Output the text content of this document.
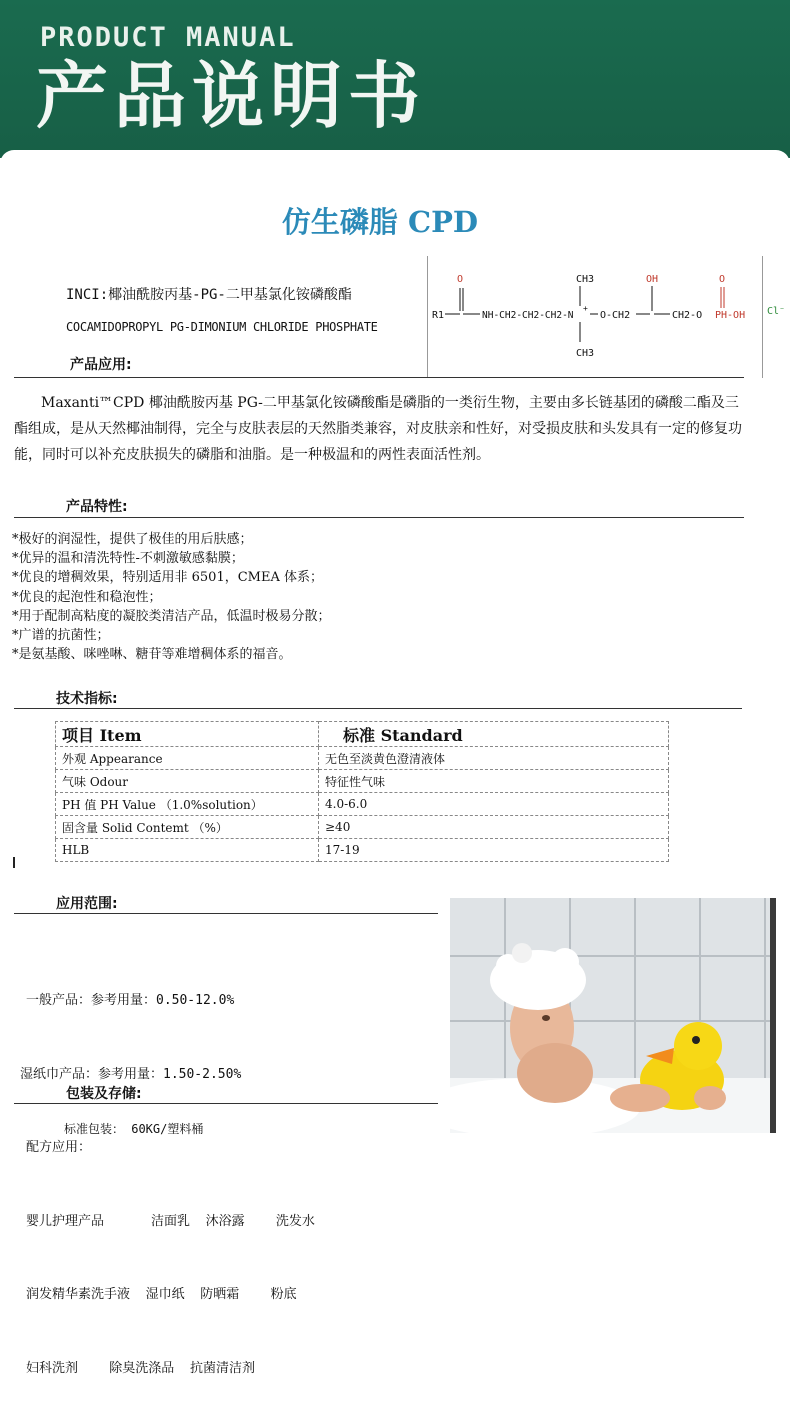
PRODUCT MANUAL
产品说明书
仿生磷脂 CPD
INCI:椰油酰胺丙基-PG-二甲基氯化铵磷酸酯
COCAMIDOPROPYL PG-DIMONIUM CHLORIDE PHOSPHATE
R1
O
NH-CH2-CH2-CH2-N
+
CH3
CH3
O-CH2
OH
CH2-O
O
PH-OH Cl⁻
产品应用:
Maxanti™CPD 椰油酰胺丙基 PG-二甲基氯化铵磷酸酯是磷脂的一类衍生物，主要由多长链基团的磷酸二酯及三酯组成，是从天然椰油制得，完全与皮肤表层的天然脂类兼容，对皮肤亲和性好，对受损皮肤和头发具有一定的修复功能，同时可以补充皮肤损失的磷脂和油脂。是一种极温和的两性表面活性剂。
产品特性:
*极好的润湿性，提供了极佳的用后肤感；
*优异的温和清洗特性-不刺激敏感黏膜；
*优良的增稠效果，特别适用非 6501，CMEA 体系；
*优良的起泡性和稳泡性；
*用于配制高粘度的凝胶类清洁产品，低温时极易分散；
*广谱的抗菌性；
*是氨基酸、咪唑啉、糖苷等难增稠体系的福音。
技术指标:
项目 Item	标准 Standard
外观 Appearance	无色至淡黄色澄清液体
气味 Odour	特征性气味
PH 值 PH Value （1.0%solution）	4.0-6.0
固含量 Solid Contemt （%）	≥40
HLB	17-19
应用范围:

一般产品：参考用量：0.50-12.0%

湿纸巾产品：参考用量：1.50-2.50%

配方应用：

婴儿护理产品      洁面乳  沐浴露    洗发水

润发精华素洗手液  湿巾纸  防晒霜    粉底

妇科洗剂    除臭洗涤品  抗菌清洁剂

包装及存储:
标准包装： 60KG/塑料桶
